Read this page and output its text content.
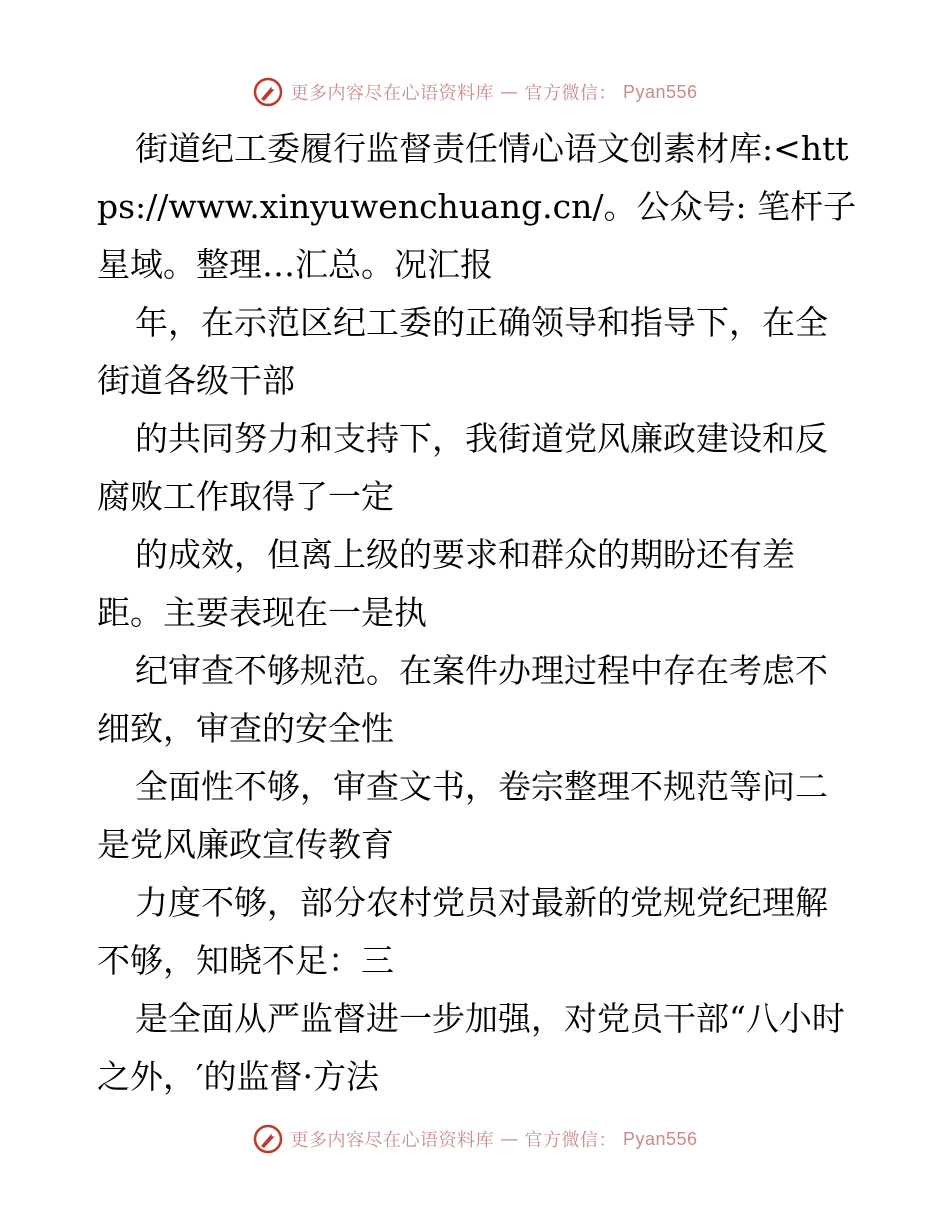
更多内容尽在心语资料库 — 官方微信： Pyan556

街道纪工委履行监督责任情心语文创素材库:<https://www.xinyuwenchuang.cn/。公众号: 笔杆子星域。整理…汇总。况汇报

年，在示范区纪工委的正确领导和指导下，在全街道各级干部

的共同努力和支持下，我街道党风廉政建设和反腐败工作取得了一定

的成效，但离上级的要求和群众的期盼还有差距。主要表现在一是执

纪审查不够规范。在案件办理过程中存在考虑不细致，审查的安全性

全面性不够，审查文书，卷宗整理不规范等问二是党风廉政宣传教育

力度不够，部分农村党员对最新的党规党纪理解不够，知晓不足：三

是全面从严监督进一步加强，对党员干部“八小时之外，′的监督·方法

更多内容尽在心语资料库 — 官方微信： Pyan556
